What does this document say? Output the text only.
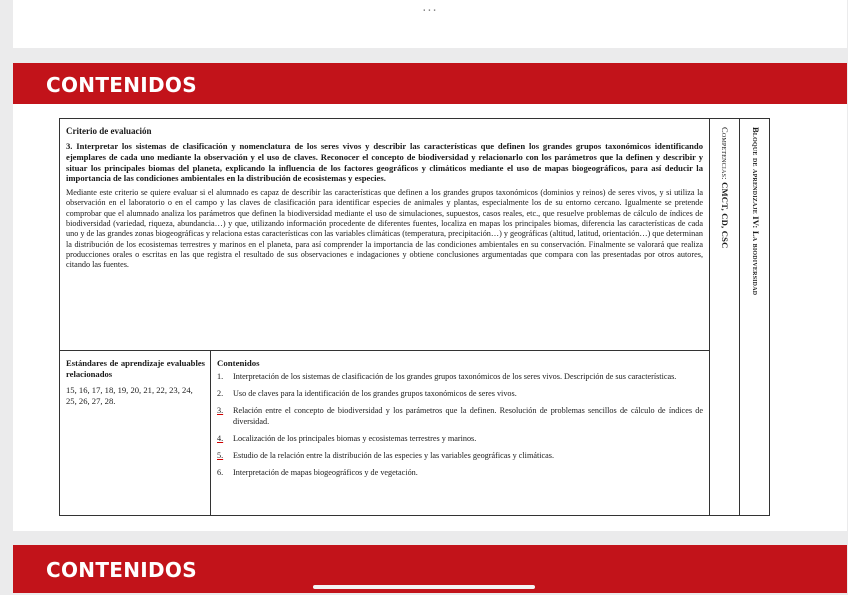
...
CONTENIDOS

Criterio de evaluación

3. Interpretar los sistemas de clasificación y nomenclatura de los seres vivos y describir las características que definen los grandes grupos taxonómicos identificando ejemplares de cada uno mediante la observación y el uso de claves. Reconocer el concepto de biodiversidad y relacionarlo con los parámetros que la definen y describir y situar los principales biomas del planeta, explicando la influencia de los factores geográficos y climáticos mediante el uso de mapas biogeográficos, para así deducir la importancia de las condiciones ambientales en la distribución de ecosistemas y especies.

Mediante este criterio se quiere evaluar si el alumnado es capaz de describir las características que definen a los grandes grupos taxonómicos (dominios y reinos) de seres vivos, y si utiliza la observación en el laboratorio o en el campo y las claves de clasificación para identificar especies de animales y plantas, especialmente los de su entorno cercano. Igualmente se pretende comprobar que el alumnado analiza los parámetros que definen la biodiversidad mediante el uso de simulaciones, supuestos, casos reales, etc., que resuelve problemas de cálculo de índices de biodiversidad (variedad, riqueza, abundancia…) y que, utilizando información procedente de diferentes fuentes, localiza en mapas los principales biomas, diferencia las características de cada uno y de las grandes zonas biogeográficas y relaciona estas características con las variables climáticas (temperatura, precipitación…) y geográficas (altitud, latitud, orientación…) que determinan la distribución de los ecosistemas terrestres y marinos en el planeta, para así comprender la importancia de las condiciones ambientales en su conservación. Finalmente se valorará que realiza producciones orales o escritas en las que registra el resultado de sus observaciones e indagaciones y obtiene conclusiones argumentadas que compara con las presentadas por otros autores, citando las fuentes.

Estándares de aprendizaje evaluables relacionados

15, 16, 17, 18, 19, 20, 21, 22, 23, 24, 25, 26, 27, 28.

Contenidos

1.	Interpretación de los sistemas de clasificación de los grandes grupos taxonómicos de los seres vivos. Descripción de sus características.
2.	Uso de claves para la identificación de los grandes grupos taxonómicos de seres vivos.
3.	Relación entre el concepto de biodiversidad y los parámetros que la definen. Resolución de problemas sencillos de cálculo de índices de diversidad.
4.	Localización de los principales biomas y ecosistemas terrestres y marinos.
5.	Estudio de la relación entre la distribución de las especies y las variables geográficas y climáticas.
6.	Interpretación de mapas biogeográficos y de vegetación.
Competencias: CMCT, CD, CSC Bloque de aprendizaje IV: La biodiversidad
CONTENIDOS
